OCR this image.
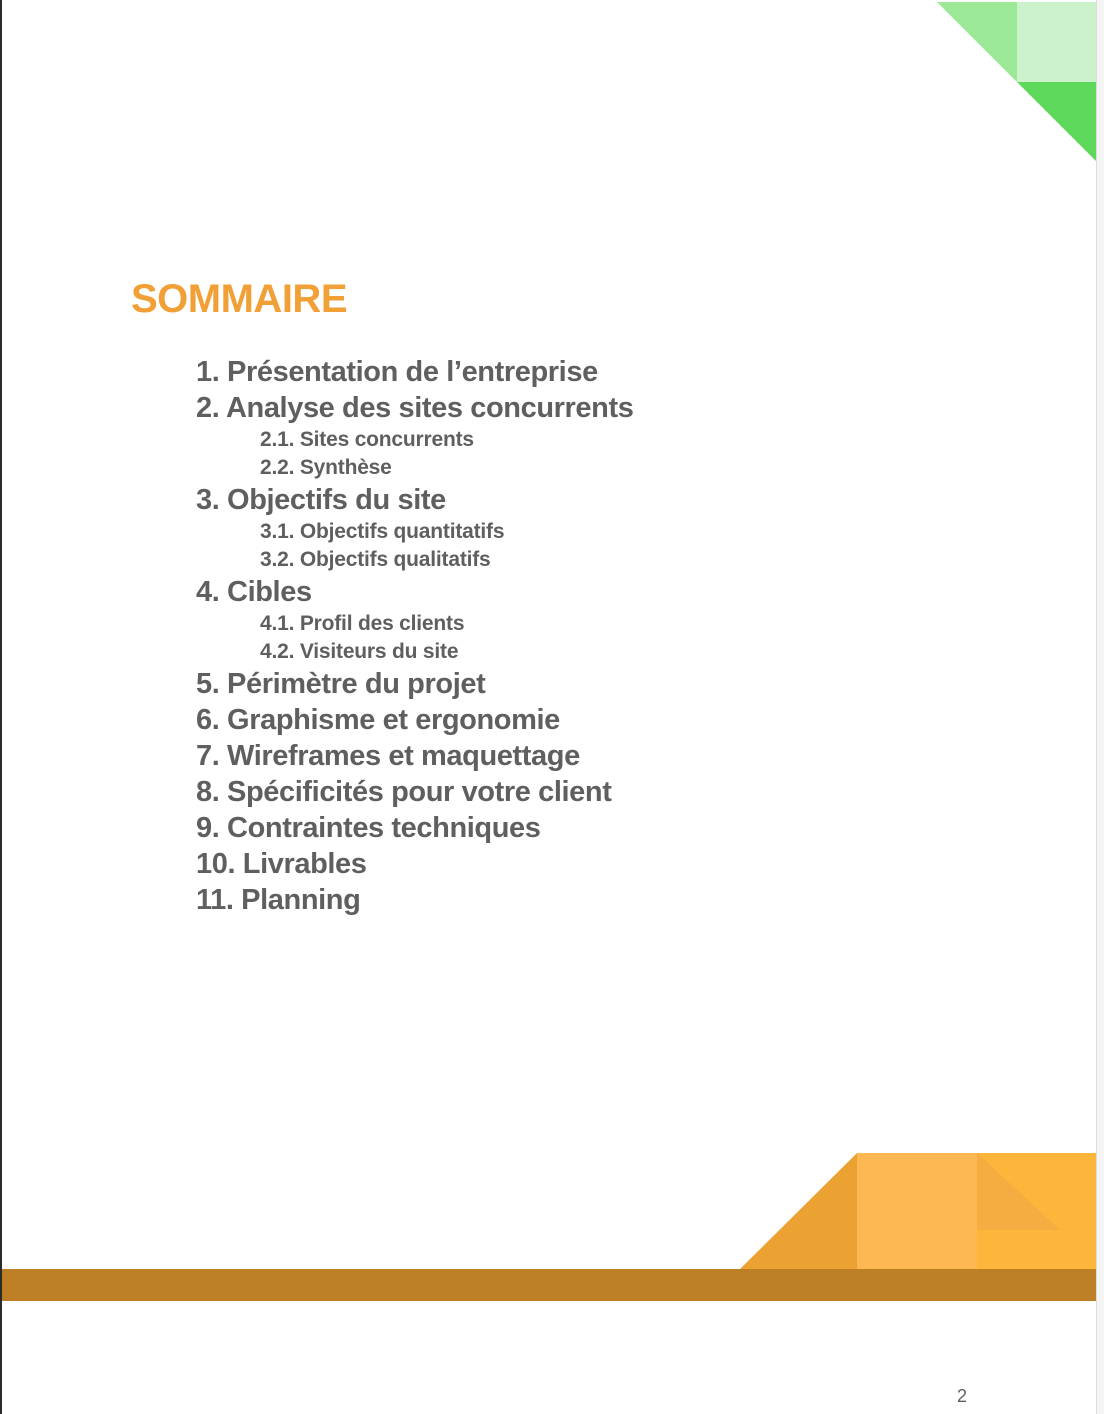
SOMMAIRE
1. Présentation de l’entreprise
2. Analyse des sites concurrents
2.1. Sites concurrents
2.2. Synthèse
3. Objectifs du site
3.1. Objectifs quantitatifs
3.2. Objectifs qualitatifs
4. Cibles
4.1. Profil des clients
4.2. Visiteurs du site
5. Périmètre du projet
6. Graphisme et ergonomie
7. Wireframes et maquettage
8. Spécificités pour votre client
9. Contraintes techniques
10. Livrables
11. Planning
2
